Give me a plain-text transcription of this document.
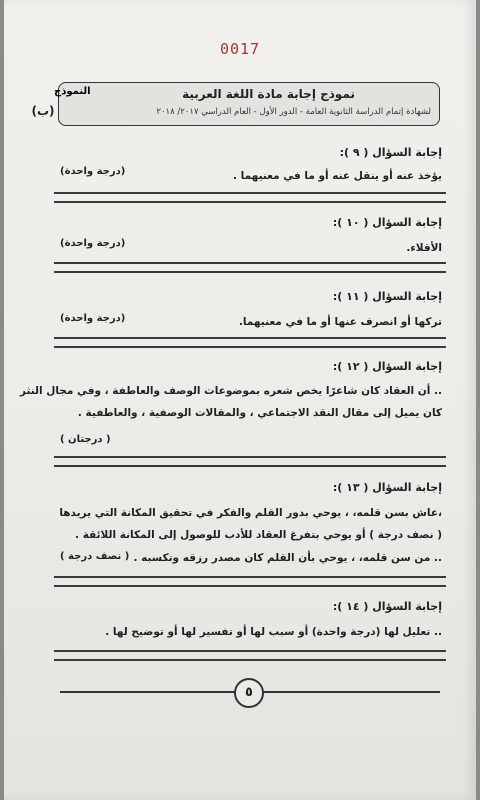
0017
نموذج إجابة مادة اللغة العربية
لشهادة إتمام الدراسة الثانوية العامة - الدور الأول - العام الدراسي ٢٠١٧/ ٢٠١٨
النموذج
(ب)
إجابة السؤال ( ٩ ):
يؤخذ عنه أو ينقل عنه أو ما في معنيهما .
(درجة واحدة)
إجابة السؤال ( ١٠ ):
الأقلاء.
(درجة واحدة)
إجابة السؤال ( ١١ ):
تركها أو انصرف عنها أو ما في معنيهما.
(درجة واحدة)
إجابة السؤال ( ١٢ ):
.. أن العقاد كان شاعرًا يخص شعره بموضوعات الوصف والعاطفة ، وفي مجال النثر
كان يميل إلى مقال النقد الاجتماعي ، والمقالات الوصفية ، والعاطفية .
( درجتان )
إجابة السؤال ( ١٣ ):
،عاش بسن قلمه، ، يوحي بدور القلم والفكر في تحقيق المكانة التي يريدها
( نصف درجة ) أو يوحي بتفرغ العقاد للأدب للوصول إلى المكانة اللائقة .
.. من سن قلمه، ، يوحي بأن القلم كان مصدر رزقه وتكسبه .
( نصف درجة )
إجابة السؤال ( ١٤ ):
.. تعليل لها (درجة واحدة) أو سبب لها أو تفسير لها أو توضيح لها .
٥
